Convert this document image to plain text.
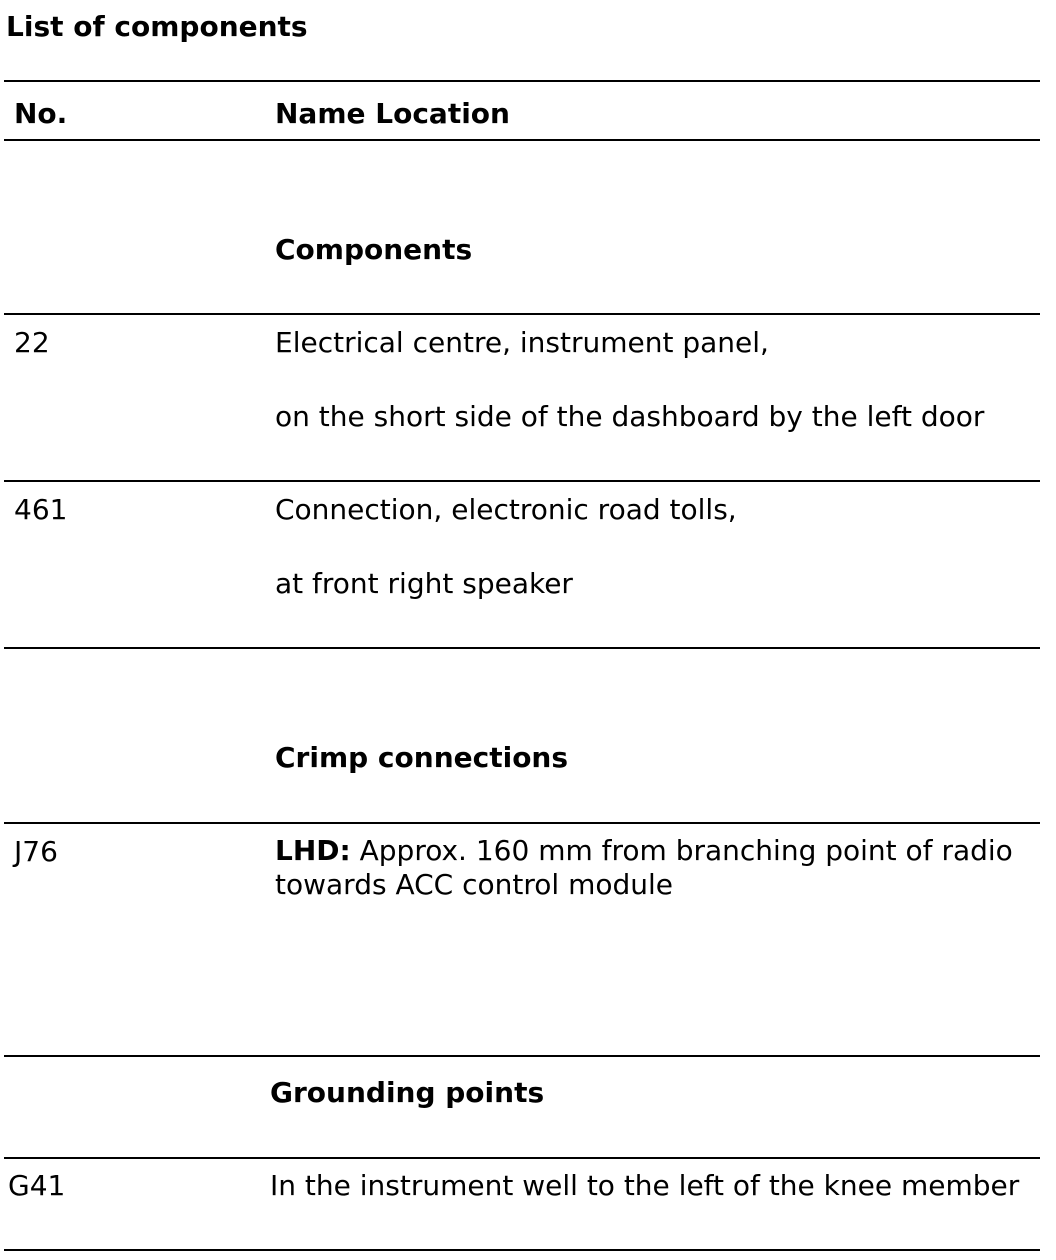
List of components
No.	Name Location
Components
22	Electrical centre, instrument panel,
on the short side of the dashboard by the left door
461	Connection, electronic road tolls,
at front right speaker
Crimp connections
J76	LHD: Approx. 160 mm from branching point of radio
towards ACC control module
Grounding points
G41	In the instrument well to the left of the knee member
